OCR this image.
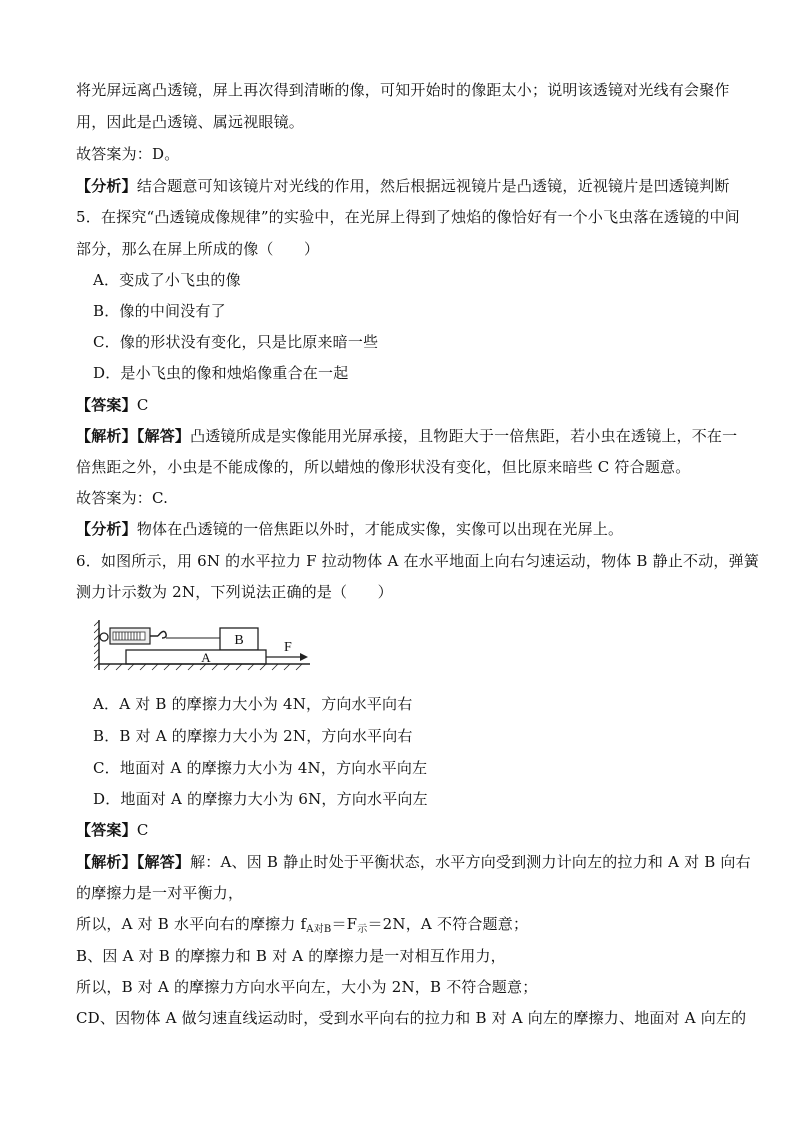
将光屏远离凸透镜，屏上再次得到清晰的像，可知开始时的像距太小；说明该透镜对光线有会聚作
用，因此是凸透镜、属远视眼镜。
故答案为：D。
【分析】结合题意可知该镜片对光线的作用，然后根据远视镜片是凸透镜，近视镜片是凹透镜判断
5．在探究“凸透镜成像规律”的实验中，在光屏上得到了烛焰的像恰好有一个小飞虫落在透镜的中间
部分，那么在屏上所成的像（　　）
A．变成了小飞虫的像
B．像的中间没有了
C．像的形状没有变化，只是比原来暗一些
D．是小飞虫的像和烛焰像重合在一起
【答案】C
【解析】【解答】凸透镜所成是实像能用光屏承接，且物距大于一倍焦距，若小虫在透镜上，不在一
倍焦距之外，小虫是不能成像的，所以蜡烛的像形状没有变化，但比原来暗些 C 符合题意。
故答案为：C.
【分析】物体在凸透镜的一倍焦距以外时，才能成实像，实像可以出现在光屏上。
6．如图所示，用 6N 的水平拉力 F 拉动物体 A 在水平地面上向右匀速运动，物体 B 静止不动，弹簧
测力计示数为 2N，下列说法正确的是（　　）
B
A
F
A．A 对 B 的摩擦力大小为 4N，方向水平向右
B．B 对 A 的摩擦力大小为 2N，方向水平向右
C．地面对 A 的摩擦力大小为 4N，方向水平向左
D．地面对 A 的摩擦力大小为 6N，方向水平向左
【答案】C
【解析】【解答】解：A、因 B 静止时处于平衡状态，水平方向受到测力计向左的拉力和 A 对 B 向右
的摩擦力是一对平衡力，
所以，A 对 B 水平向右的摩擦力 $f_{A对B}=F_示=2N$，A 不符合题意；
B、因 A 对 B 的摩擦力和 B 对 A 的摩擦力是一对相互作用力，
所以，B 对 A 的摩擦力方向水平向左，大小为 2N，B 不符合题意；
CD、因物体 A 做匀速直线运动时，受到水平向右的拉力和 B 对 A 向左的摩擦力、地面对 A 向左的
